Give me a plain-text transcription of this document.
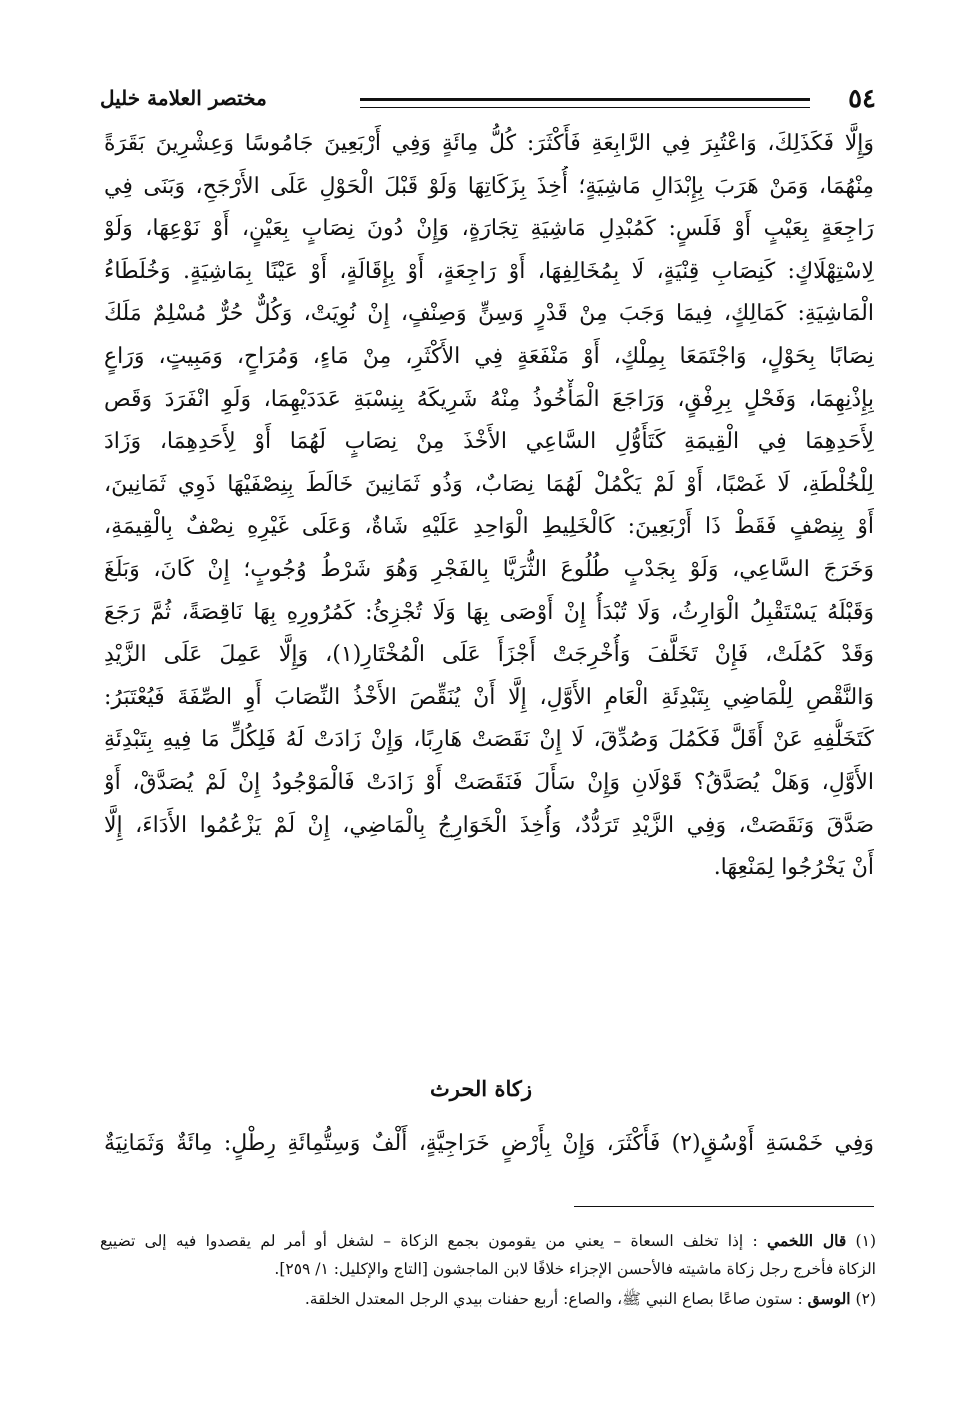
٥٤
مختصر العلامة خليل
وَإِلَّا فَكَذَلِكَ، وَاعْتُبِرَ فِي الرَّابِعَةِ فَأَكْثَرَ: كُلُّ مِائَةٍ وَفِي أَرْبَعِينَ جَامُوسًا وَعِشْرِينَ بَقَرَةً
مِنْهُمَا، وَمَنْ هَرَبَ بِإِبْدَالِ مَاشِيَةٍ؛ أُخِذَ بِزَكَاتِهَا وَلَوْ قَبْلَ الْحَوْلِ عَلَى الأَرْجَحِ، وَبَنَى فِي
رَاجِعَةٍ بِعَيْبٍ أَوْ فَلَسٍ: كَمُبْدِلِ مَاشِيَةِ تِجَارَةٍ، وَإِنْ دُونَ نِصَابٍ بِعَيْنٍ، أَوْ نَوْعِهَا، وَلَوْ
لِاسْتِهْلَاكٍ: كَنِصَابِ قِنْيَةٍ، لَا بِمُخَالِفِهَا، أَوْ رَاجِعَةٍ، أَوْ بِإِقَالَةٍ، أَوْ عَيْنًا بِمَاشِيَةٍ. وَخُلَطَاءُ
الْمَاشِيَةِ: كَمَالِكٍ، فِيمَا وَجَبَ مِنْ قَدْرٍ وَسِنٍّ وَصِنْفٍ، إِنْ نُوِيَتْ، وَكُلٌّ حُرٌّ مُسْلِمٌ مَلَكَ
نِصَابًا بِحَوْلٍ، وَاجْتَمَعَا بِمِلْكٍ، أَوْ مَنْفَعَةٍ فِي الأَكْثَرِ، مِنْ مَاءٍ، وَمُرَاحٍ، وَمَبِيتٍ، وَرَاعٍ
بِإِذْنِهِمَا، وَفَحْلٍ بِرِفْقٍ، وَرَاجَعَ الْمَأْخُوذُ مِنْهُ شَرِيكَهُ بِنِسْبَةِ عَدَدَيْهِمَا، وَلَوِ انْفَرَدَ وَقَص
لِأَحَدِهِمَا فِي الْقِيمَةِ كَتَأَوُّلِ السَّاعِي الأَخْذَ مِنْ نِصَابٍ لَهُمَا أَوْ لِأَحَدِهِمَا، وَزَادَ
لِلْخُلْطَةِ، لَا غَصْبًا، أَوْ لَمْ يَكْمُلْ لَهُمَا نِصَابٌ، وَذُو ثَمَانِينَ خَالَطَ بِنِصْفَيْهَا ذَوِي ثَمَانِينَ،
أَوْ بِنِصْفٍ فَقَطْ ذَا أَرْبَعِينَ: كَالْخَلِيطِ الْوَاحِدِ عَلَيْهِ شَاةٌ، وَعَلَى غَيْرِهِ نِصْفٌ بِالْقِيمَةِ،
وَخَرَجَ السَّاعِي، وَلَوْ بِجَدْبٍ طُلُوعَ الثُّرَيَّا بِالفَجْرِ وَهُوَ شَرْطُ وُجُوبٍ؛ إِنْ كَانَ، وَبَلَغَ
وَقَبْلَهُ يَسْتَقْبِلُ الْوَارِثُ، وَلَا تُبْدَأُ إِنْ أَوْصَى بِهَا وَلَا تُجْزِئُ: كَمُرُورِهِ بِهَا نَاقِصَةً، ثُمَّ رَجَعَ
وَقَدْ كَمُلَتْ، فَإِنْ تَخَلَّفَ وَأُخْرِجَتْ أَجْزَأَ عَلَى الْمُخْتَارِ(١)، وَإِلَّا عَمِلَ عَلَى الزَّيْدِ
وَالنَّقْصِ لِلْمَاضِي بِتَبْدِئَةِ الْعَامِ الأَوَّلِ، إِلَّا أَنْ يُنَقِّصَ الأَخْذُ النِّصَابَ أَوِ الصِّفَةَ فَيُعْتَبَرُ:
كَتَخَلُّفِهِ عَنْ أَقَلَّ فَكَمُلَ وَصُدِّقَ، لَا إِنْ نَقَصَتْ هَارِبًا، وَإِنْ زَادَتْ لَهُ فَلِكُلٍّ مَا فِيهِ بِتَبْدِئَةِ
الأَوَّلِ، وَهَلْ يُصَدَّقُ؟ قَوْلَانِ وَإِنْ سَأَلَ فَنَقَصَتْ أَوْ زَادَتْ فَالْمَوْجُودُ إِنْ لَمْ يُصَدَّقْ، أَوْ
صَدَّقَ وَنَقَصَتْ، وَفِي الزَّيْدِ تَرَدُّدٌ، وَأُخِذَ الْخَوَارِجُ بِالْمَاضِي، إِنْ لَمْ يَزْعُمُوا الأَدَاءَ، إِلَّا
أَنْ يَخْرُجُوا لِمَنْعِهَا.
زكاة الحرث
وَفِي خَمْسَةِ أَوْسُقٍ(٢) فَأَكْثَرَ، وَإِنْ بِأَرْضٍ خَرَاجِيَّةٍ، أَلْفٌ وَسِتُّمِائَةِ رِطْلٍ: مِائَةٌ وَثَمَانِيَةٌ
(١) قال اللخمي : إذا تخلف السعاة – يعني من يقومون بجمع الزكاة – لشغل أو أمر لم يقصدوا فيه إلى تضييع
الزكاة فأخرج رجل زكاة ماشيته فالأحسن الإجزاء خلافًا لابن الماجشون [التاج والإكليل: ١/ ٢٥٩].
(٢) الوسق : ستون صاعًا بصاع النبي ﷺ، والصاع: أربع حفنات بيدي الرجل المعتدل الخلقة.
